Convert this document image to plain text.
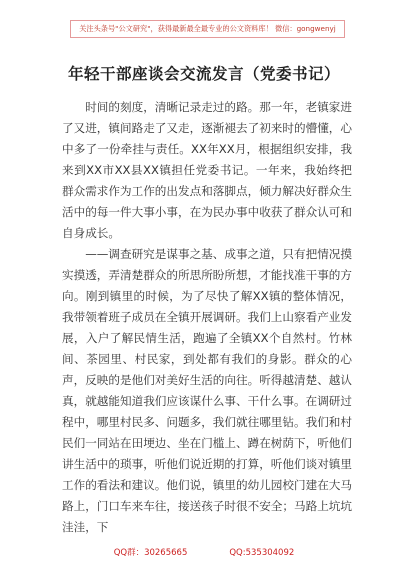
关注头条号"公文研究"，获得最新最全最专业的公文资料库！ 微信：gongwenyj
年轻干部座谈会交流发言（党委书记）

时间的刻度，清晰记录走过的路。那一年，老镇家进了又进，镇间路走了又走，逐渐褪去了初来时的懵懂，心中多了一份牵挂与责任。XX年XX月，根据组织安排，我来到XX市XX县XX镇担任党委书记。一年来，我始终把群众需求作为工作的出发点和落脚点，倾力解决好群众生活中的每一件大事小事，在为民办事中收获了群众认可和自身成长。

——调查研究是谋事之基、成事之道，只有把情况摸实摸透，弄清楚群众的所思所盼所想，才能找准干事的方向。刚到镇里的时候，为了尽快了解XX镇的整体情况，我带领着班子成员在全镇开展调研。我们上山察看产业发展，入户了解民情生活，跑遍了全镇XX个自然村。竹林间、茶园里、村民家，到处都有我们的身影。群众的心声，反映的是他们对美好生活的向往。听得越清楚、越认真，就越能知道我们应该谋什么事、干什么事。在调研过程中，哪里村民多、问题多，我们就往哪里钻。我们和村民们一同站在田埂边、坐在门槛上、蹲在树荫下，听他们讲生活中的琐事，听他们说近期的打算，听他们谈对镇里工作的看法和建议。他们说，镇里的幼儿园校门建在大马路上，门口车来车往，接送孩子时很不安全；马路上坑坑洼洼，下

QQ群：30265665	QQ:535304092
